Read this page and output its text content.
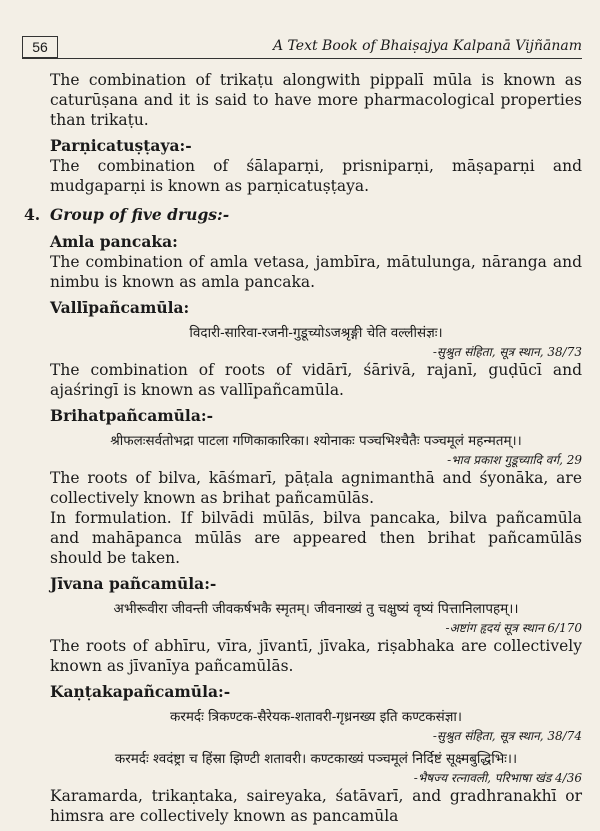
56	A Text Book of Bhaiṣajya Kalpanā Vijñānam

The combination of trikaṭu alongwith pippalī mūla is known as caturūṣana and it is said to have more pharmacological properties than trikaṭu.

Parṇicatuṣṭaya:-

The combination of śālaparṇi, prisniparṇi, māṣaparṇi and mudgaparṇi is known as parṇicatuṣṭaya.

4. Group of five drugs:-
Amla pancaka:

The combination of amla vetasa, jambīra, mātulunga, nāranga and nimbu is known as amla pancaka.

Vallīpañcamūla:
विदारी-सारिवा-रजनी-गुडूच्योऽजश्रृङ्गी चेति वल्लीसंज्ञः।
-सुश्रुत संहिता, सूत्र स्थान, 38/73

The combination of roots of vidārī, śārivā, rajanī, guḍūcī and ajaśringī is known as vallīpañcamūla.

Brihatpañcamūla:-
श्रीफलःसर्वतोभद्रा पाटला गणिकाकारिका। श्योनाकः पञ्चभिश्चैतैः पञ्चमूलं महन्मतम्।।
-भाव प्रकाश गुडूच्यादि वर्ग, 29

The roots of bilva, kāśmarī, pāṭala agnimanthā and śyonāka, are collectively known as brihat pañcamūlās.

In formulation. If bilvādi mūlās, bilva pancaka, bilva pañcamūla and mahāpanca mūlās are appeared then brihat pañcamūlās should be taken.

Jīvana pañcamūla:-
अभीरूवीरा जीवन्ती जीवकर्षभकै स्मृतम्। जीवनाख्यं तु चक्षुष्यं वृष्यं पित्तानिलापहम्।।
-अष्टांग हृदयं सूत्र स्थान 6/170

The roots of abhīru, vīra, jīvantī, jīvaka, riṣabhaka are collectively known as jīvanīya pañcamūlās.

Kaṇṭakapañcamūla:-
करमर्दः त्रिकण्टक-सैरेयक-शतावरी-गृध्रनख्य इति कण्टकसंज्ञा।
-सुश्रुत संहिता, सूत्र स्थान, 38/74
करमर्दः श्वदंष्ट्रा च हिंस्रा झिण्टी शतावरी। कण्टकाख्यं पञ्चमूलं निर्दिष्टं सूक्ष्मबुद्धिभिः।।
-भैषज्य रत्नावली, परिभाषा खंड 4/36

Karamarda, trikaṇtaka, saireyaka, śatāvarī, and gradhranakhī or himsra are collectively known as pancamūla
